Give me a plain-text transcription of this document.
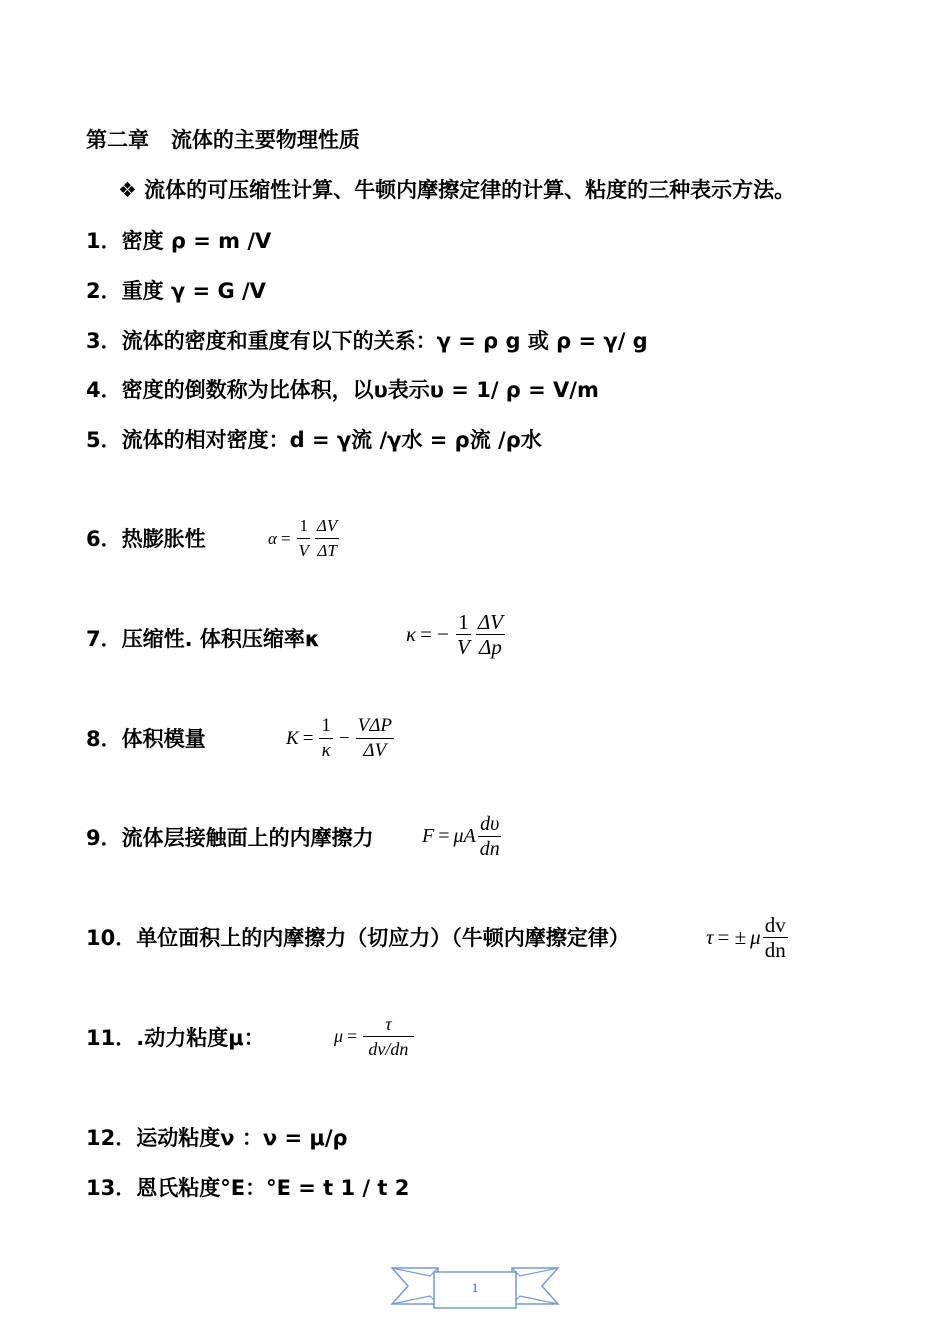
第二章 流体的主要物理性质
❖ 流体的可压缩性计算、牛顿内摩擦定律的计算、粘度的三种表示方法。
1．密度 ρ = m /V
2．重度 γ = G /V
3．流体的密度和重度有以下的关系：γ = ρ g 或 ρ = γ/ g
4．密度的倒数称为比体积，以υ表示υ = 1/ ρ = V/m
5．流体的相对密度：d = γ流 /γ水 = ρ流 /ρ水
6．热膨胀性	$\alpha = \frac{1}{V} \frac{\Delta V}{\Delta T}$
7．压缩性. 体积压缩率κ	κ = − $\frac{1}{V} \frac{\Delta V}{\Delta p}$
8．体积模量	$K = \frac{1}{\kappa} - \frac{\text{VΔP}}{\Delta V}$
9．流体层接触面上的内摩擦力 F = μA $\frac{d\upsilon}{dn}$
10．单位面积上的内摩擦力（切应力）（牛顿内摩擦定律）	τ = ± μ $\frac{dv}{dn}$
11．.动力粘度μ：	$\mu = \frac{\tau}{dv/dn}$
12．运动粘度ν ：ν = μ/ρ
13．恩氏粘度°E：°E = t 1 / t 2
1
